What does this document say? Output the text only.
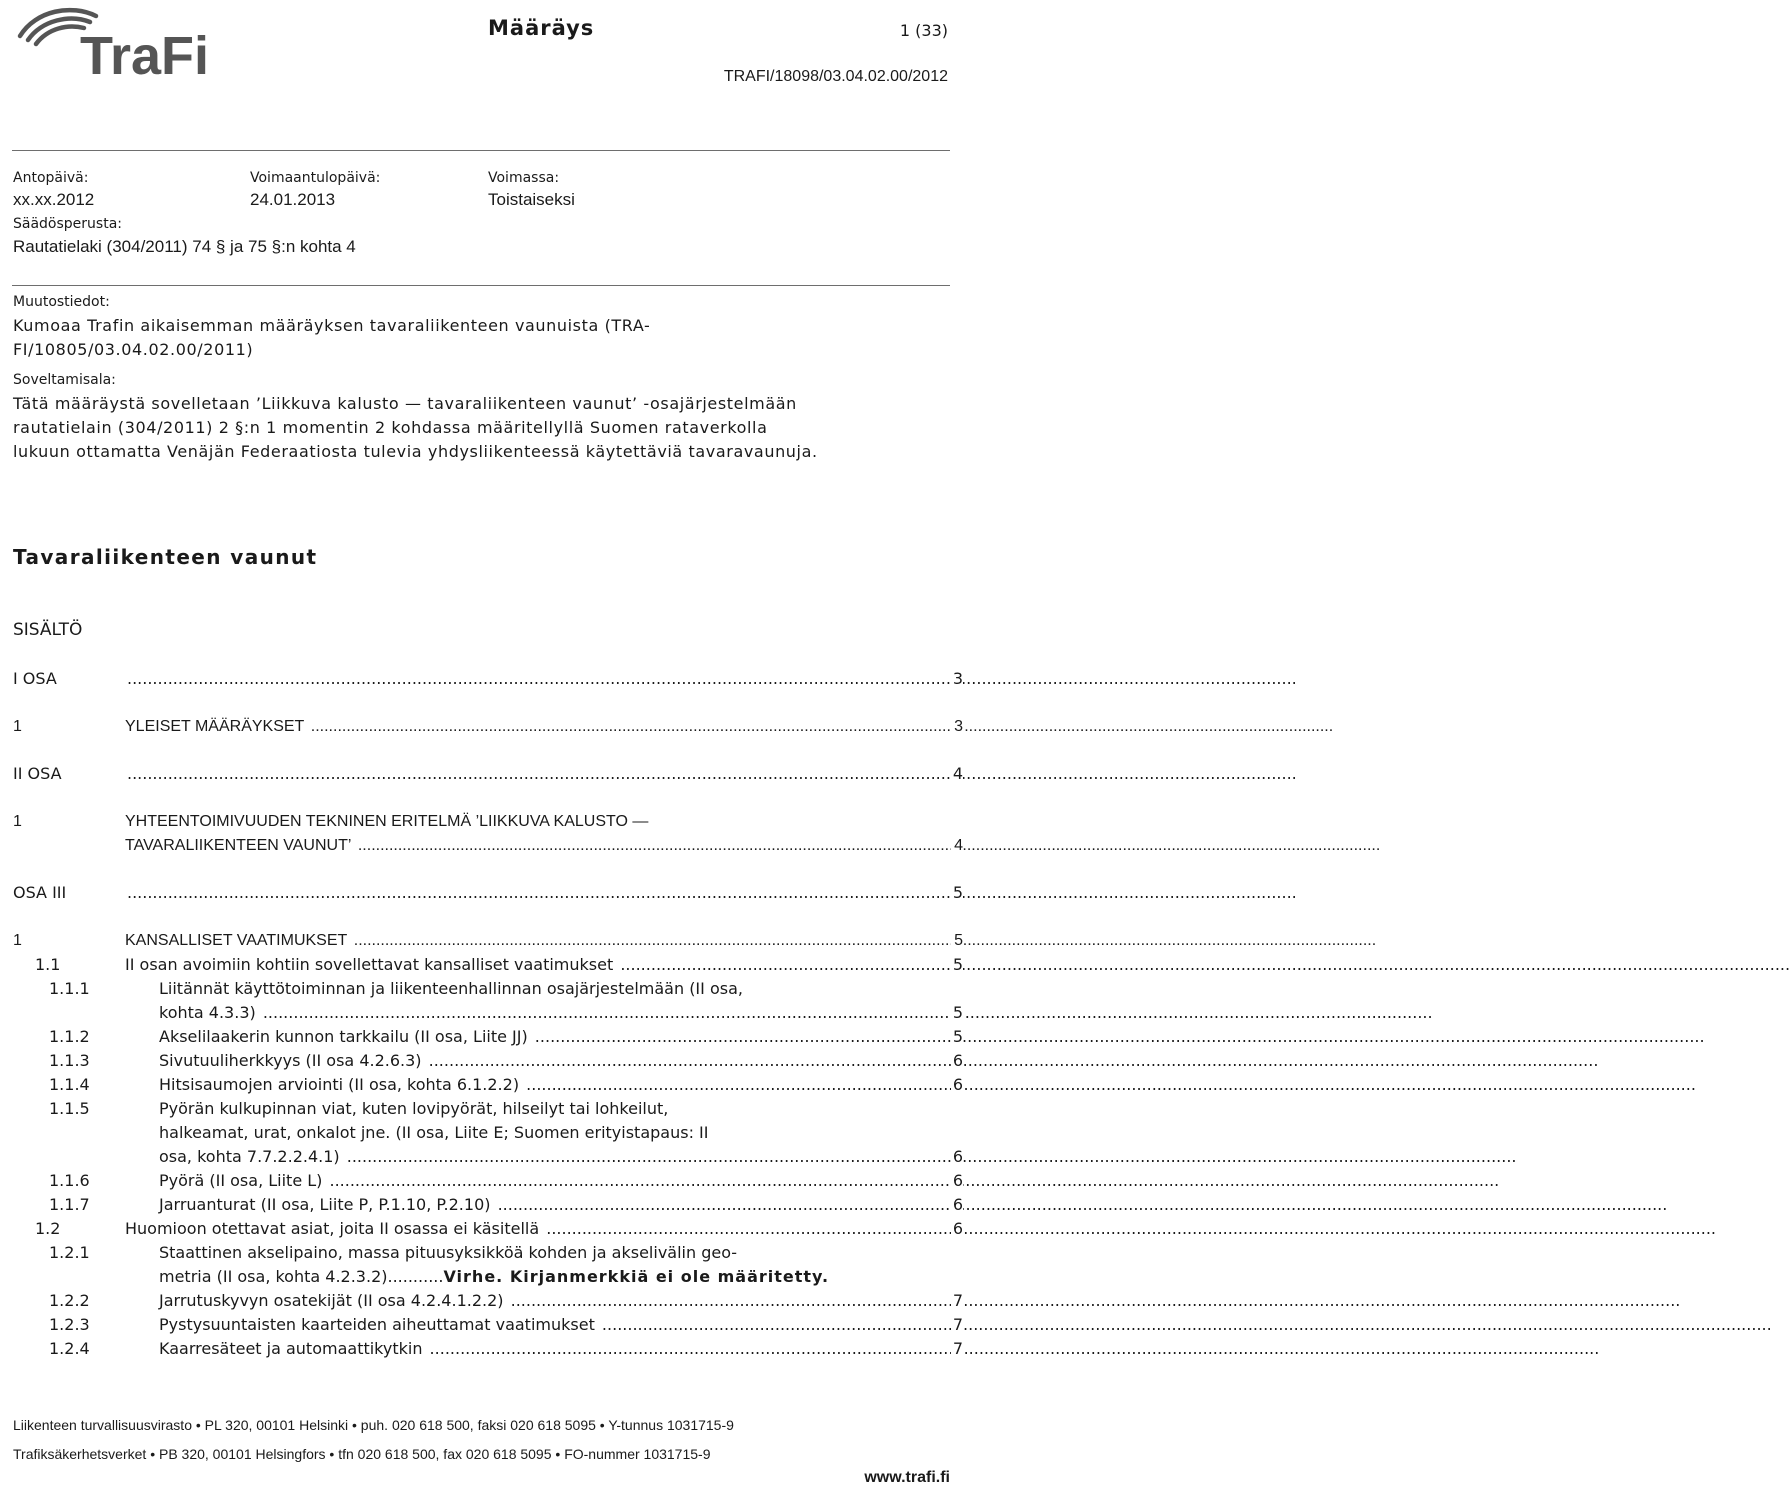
TraFi	Määräys	1 (33)
TRAFI/18098/03.04.02.00/2012
Antopäivä:
xx.xx.2012
Voimaantulopäivä:
24.01.2013
Voimassa:
Toistaiseksi
Säädösperusta:
Rautatielaki (304/2011) 74 § ja 75 §:n kohta 4
Muutostiedot:
Kumoaa Trafin aikaisemman määräyksen tavaraliikenteen vaunuista (TRA-
FI/10805/03.04.02.00/2011)
Soveltamisala:
Tätä määräystä sovelletaan ’Liikkuva kalusto — tavaraliikenteen vaunut’ -osajärjestelmään
rautatielain (304/2011) 2 §:n 1 momentin 2 kohdassa määritellyllä Suomen rataverkolla
lukuun ottamatta Venäjän Federaatiosta tulevia yhdysliikenteessä käytettäviä tavaravaunuja.
Tavaraliikenteen vaunut
SISÄLTÖ
I OSA .....	3
1	YLEISET MÄÄRÄYKSET .....	3
II OSA .....	4
1	YHTEENTOIMIVUUDEN TEKNINEN ERITELMÄ ’LIIKKUVA KALUSTO —
TAVARALIIKENTEEN VAUNUT’ .....	4
OSA III .....	5
1	KANSALLISET VAATIMUKSET .....	5
1.1	II osan avoimiin kohtiin sovellettavat kansalliset vaatimukset .....	5
1.1.1	Liitännät käyttötoiminnan ja liikenteenhallinnan osajärjestelmään (II osa,
kohta 4.3.3) .....	5
1.1.2	Akselilaakerin kunnon tarkkailu (II osa, Liite JJ) .....	5
1.1.3	Sivutuuliherkkyys (II osa 4.2.6.3) .....	6
1.1.4	Hitsisaumojen arviointi (II osa, kohta 6.1.2.2) .....	6
1.1.5	Pyörän kulkupinnan viat, kuten lovipyörät, hilseilyt tai lohkeilut,
halkeamat, urat, onkalot jne. (II osa, Liite E; Suomen erityistapaus: II
osa, kohta 7.7.2.2.4.1) .....	6
1.1.6	Pyörä (II osa, Liite L) .....	6
1.1.7	Jarruanturat (II osa, Liite P, P.1.10, P.2.10) .....	6
1.2	Huomioon otettavat asiat, joita II osassa ei käsitellä .....	6
1.2.1	Staattinen akselipaino, massa pituusyksikköä kohden ja akselivälin geo-
metria (II osa, kohta 4.2.3.2)...........Virhe. Kirjanmerkkiä ei ole määritetty.
1.2.2	Jarrutuskyvyn osatekijät (II osa 4.2.4.1.2.2) .....	7
1.2.3	Pystysuuntaisten kaarteiden aiheuttamat vaatimukset .....	7
1.2.4	Kaarresäteet ja automaattikytkin .....	7
Liikenteen turvallisuusvirasto • PL 320, 00101 Helsinki • puh. 020 618 500, faksi 020 618 5095 • Y-tunnus 1031715-9
Trafiksäkerhetsverket • PB 320, 00101 Helsingfors • tfn 020 618 500, fax 020 618 5095 • FO-nummer 1031715-9
www.trafi.fi
